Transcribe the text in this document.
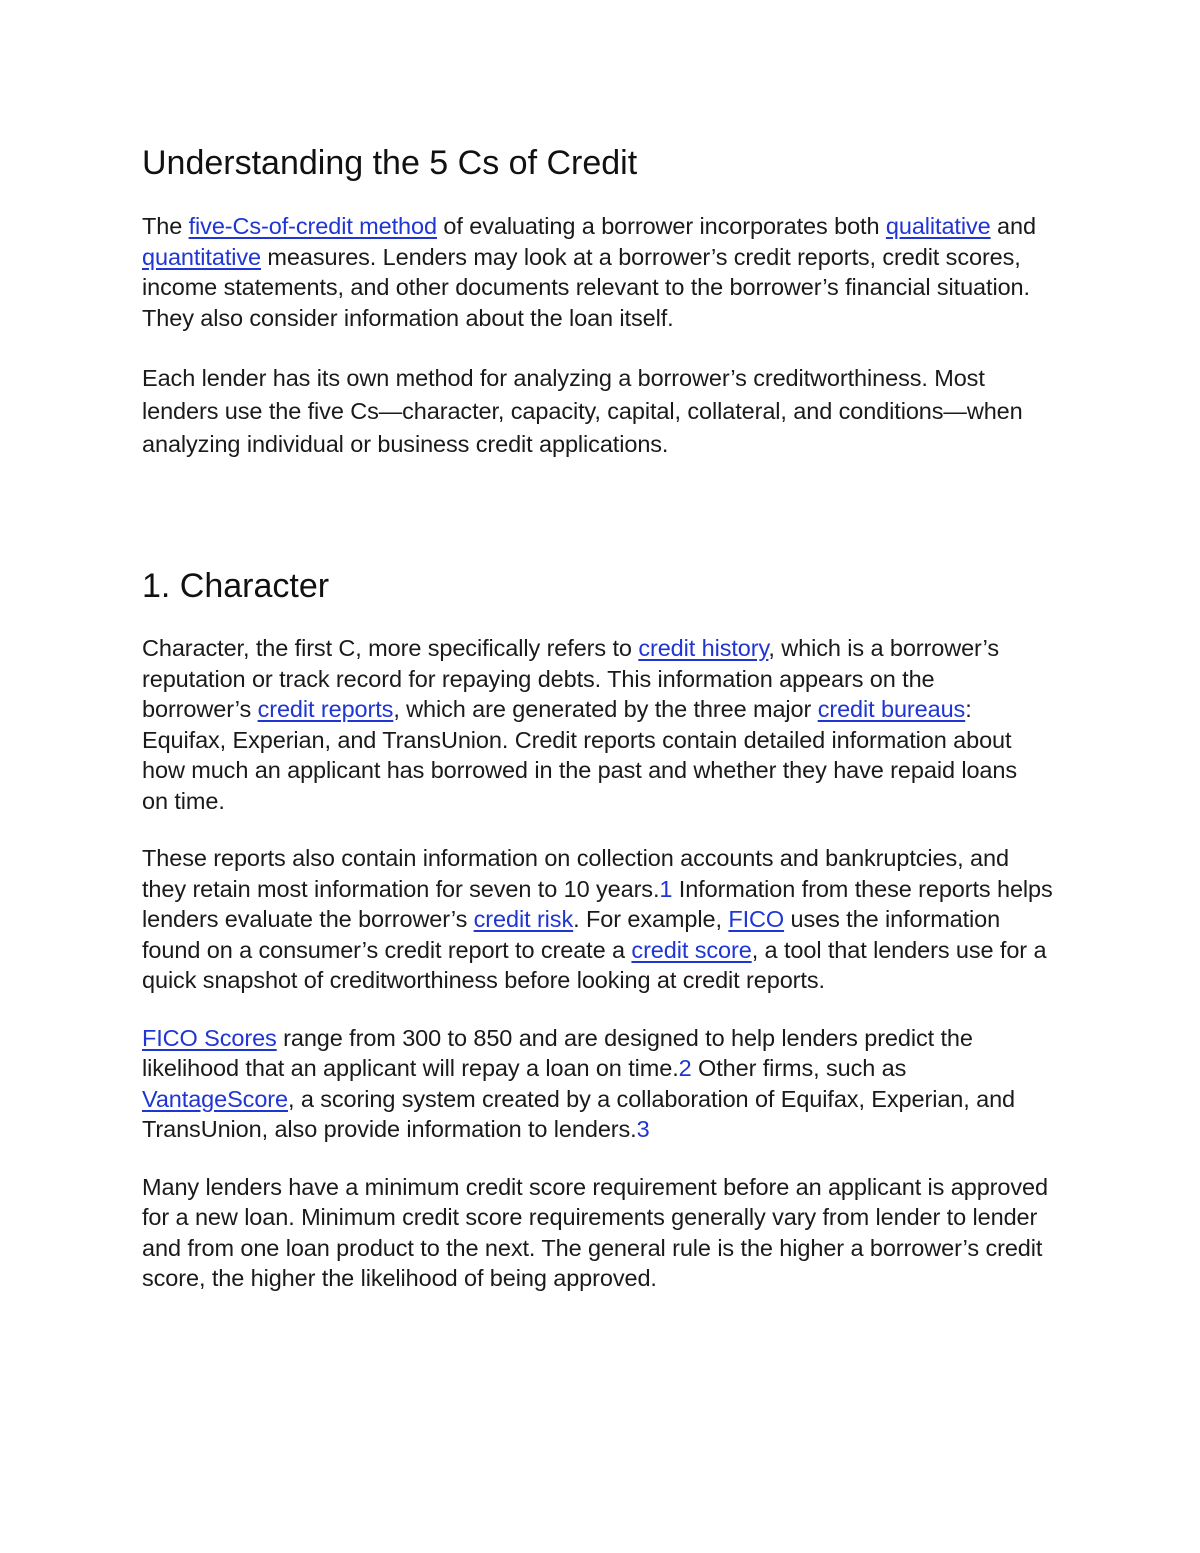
Understanding the 5 Cs of Credit

The five-Cs-of-credit method of evaluating a borrower incorporates both qualitative and quantitative measures. Lenders may look at a borrower’s credit reports, credit scores, income statements, and other documents relevant to the borrower’s financial situation. They also consider information about the loan itself.

Each lender has its own method for analyzing a borrower’s creditworthiness. Most lenders use the five Cs—character, capacity, capital, collateral, and conditions—when analyzing individual or business credit applications.

1. Character

Character, the first C, more specifically refers to credit history, which is a borrower’s reputation or track record for repaying debts. This information appears on the borrower’s credit reports, which are generated by the three major credit bureaus: Equifax, Experian, and TransUnion. Credit reports contain detailed information about how much an applicant has borrowed in the past and whether they have repaid loans on time.

These reports also contain information on collection accounts and bankruptcies, and they retain most information for seven to 10 years.1 Information from these reports helps lenders evaluate the borrower’s credit risk. For example, FICO uses the information found on a consumer’s credit report to create a credit score, a tool that lenders use for a quick snapshot of creditworthiness before looking at credit reports.

FICO Scores range from 300 to 850 and are designed to help lenders predict the likelihood that an applicant will repay a loan on time.2 Other firms, such as VantageScore, a scoring system created by a collaboration of Equifax, Experian, and TransUnion, also provide information to lenders.3

Many lenders have a minimum credit score requirement before an applicant is approved for a new loan. Minimum credit score requirements generally vary from lender to lender and from one loan product to the next. The general rule is the higher a borrower’s credit score, the higher the likelihood of being approved.
